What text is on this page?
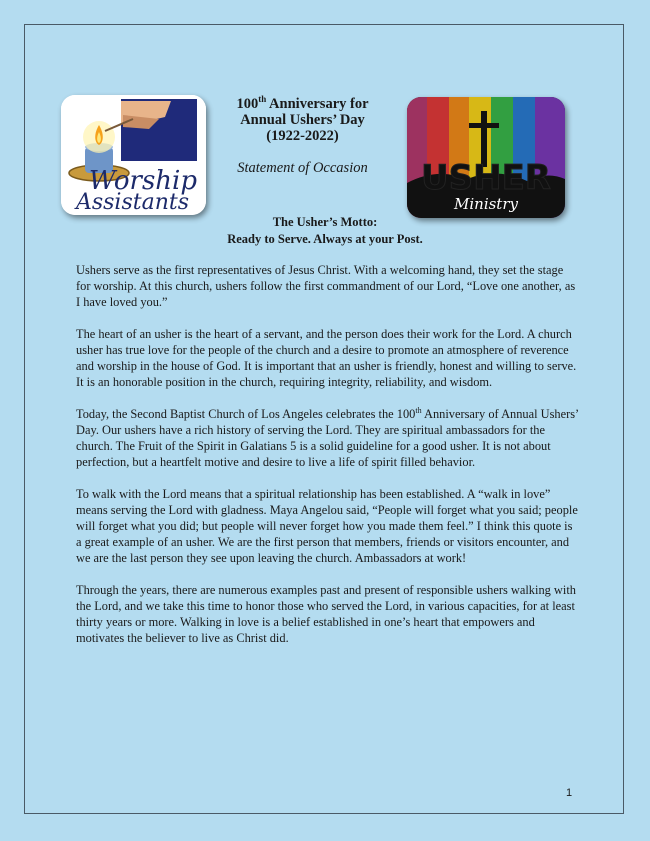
Worship
Assistants
USHER
Ministry
100th Anniversary for
Annual Ushers’ Day
(1922-2022)
Statement of Occasion
The Usher’s Motto:
Ready to Serve. Always at your Post.

Ushers serve as the first representatives of Jesus Christ. With a welcoming hand, they set the stage for worship. At this church, ushers follow the first commandment of our Lord, “Love one another, as I have loved you.”

The heart of an usher is the heart of a servant, and the person does their work for the Lord. A church usher has true love for the people of the church and a desire to promote an atmosphere of reverence and worship in the house of God. It is important that an usher is friendly, honest and willing to serve. It is an honorable position in the church, requiring integrity, reliability, and wisdom.

Today, the Second Baptist Church of Los Angeles celebrates the 100th Anniversary of Annual Ushers’ Day. Our ushers have a rich history of serving the Lord. They are spiritual ambassadors for the church. The Fruit of the Spirit in Galatians 5 is a solid guideline for a good usher. It is not about perfection, but a heartfelt motive and desire to live a life of spirit filled behavior.

To walk with the Lord means that a spiritual relationship has been established. A “walk in love” means serving the Lord with gladness. Maya Angelou said, “People will forget what you said; people will forget what you did; but people will never forget how you made them feel.” I think this quote is a great example of an usher. We are the first person that members, friends or visitors encounter, and we are the last person they see upon leaving the church. Ambassadors at work!

Through the years, there are numerous examples past and present of responsible ushers walking with the Lord, and we take this time to honor those who served the Lord, in various capacities, for at least thirty years or more. Walking in love is a belief established in one’s heart that empowers and motivates the believer to live as Christ did.

1
